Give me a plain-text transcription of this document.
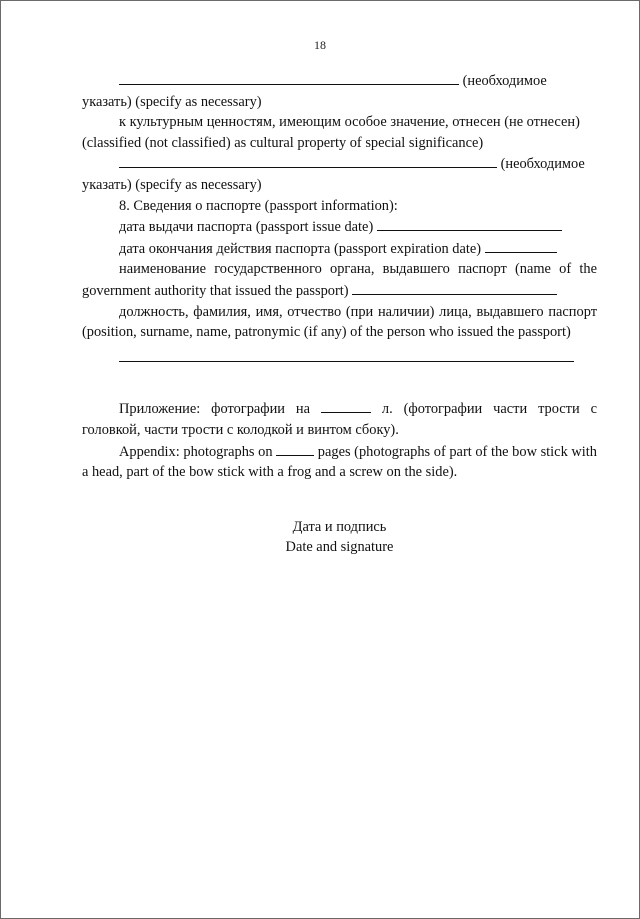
18

(необходимое

указать) (specify as necessary)

к культурным ценностям, имеющим особое значение, отнесен (не отнесен)

(classified (not classified) as cultural property of special significance)

(необходимое

указать) (specify as necessary)

8. Сведения о паспорте (passport information):

дата выдачи паспорта (passport issue date)

дата окончания действия паспорта (passport expiration date)

наименование государственного органа, выдавшего паспорт (name of the government authority that issued the passport)

должность, фамилия, имя, отчество (при наличии) лица, выдавшего паспорт (position, surname, name, patronymic (if any) of the person who issued the passport)

Приложение: фотографии на	л. (фотографии части трости с головкой, части трости с колодкой и винтом сбоку).

Appendix: photographs on	pages (photographs of part of the bow stick with a head, part of the bow stick with a frog and a screw on the side).

Дата и подпись

Date and signature
